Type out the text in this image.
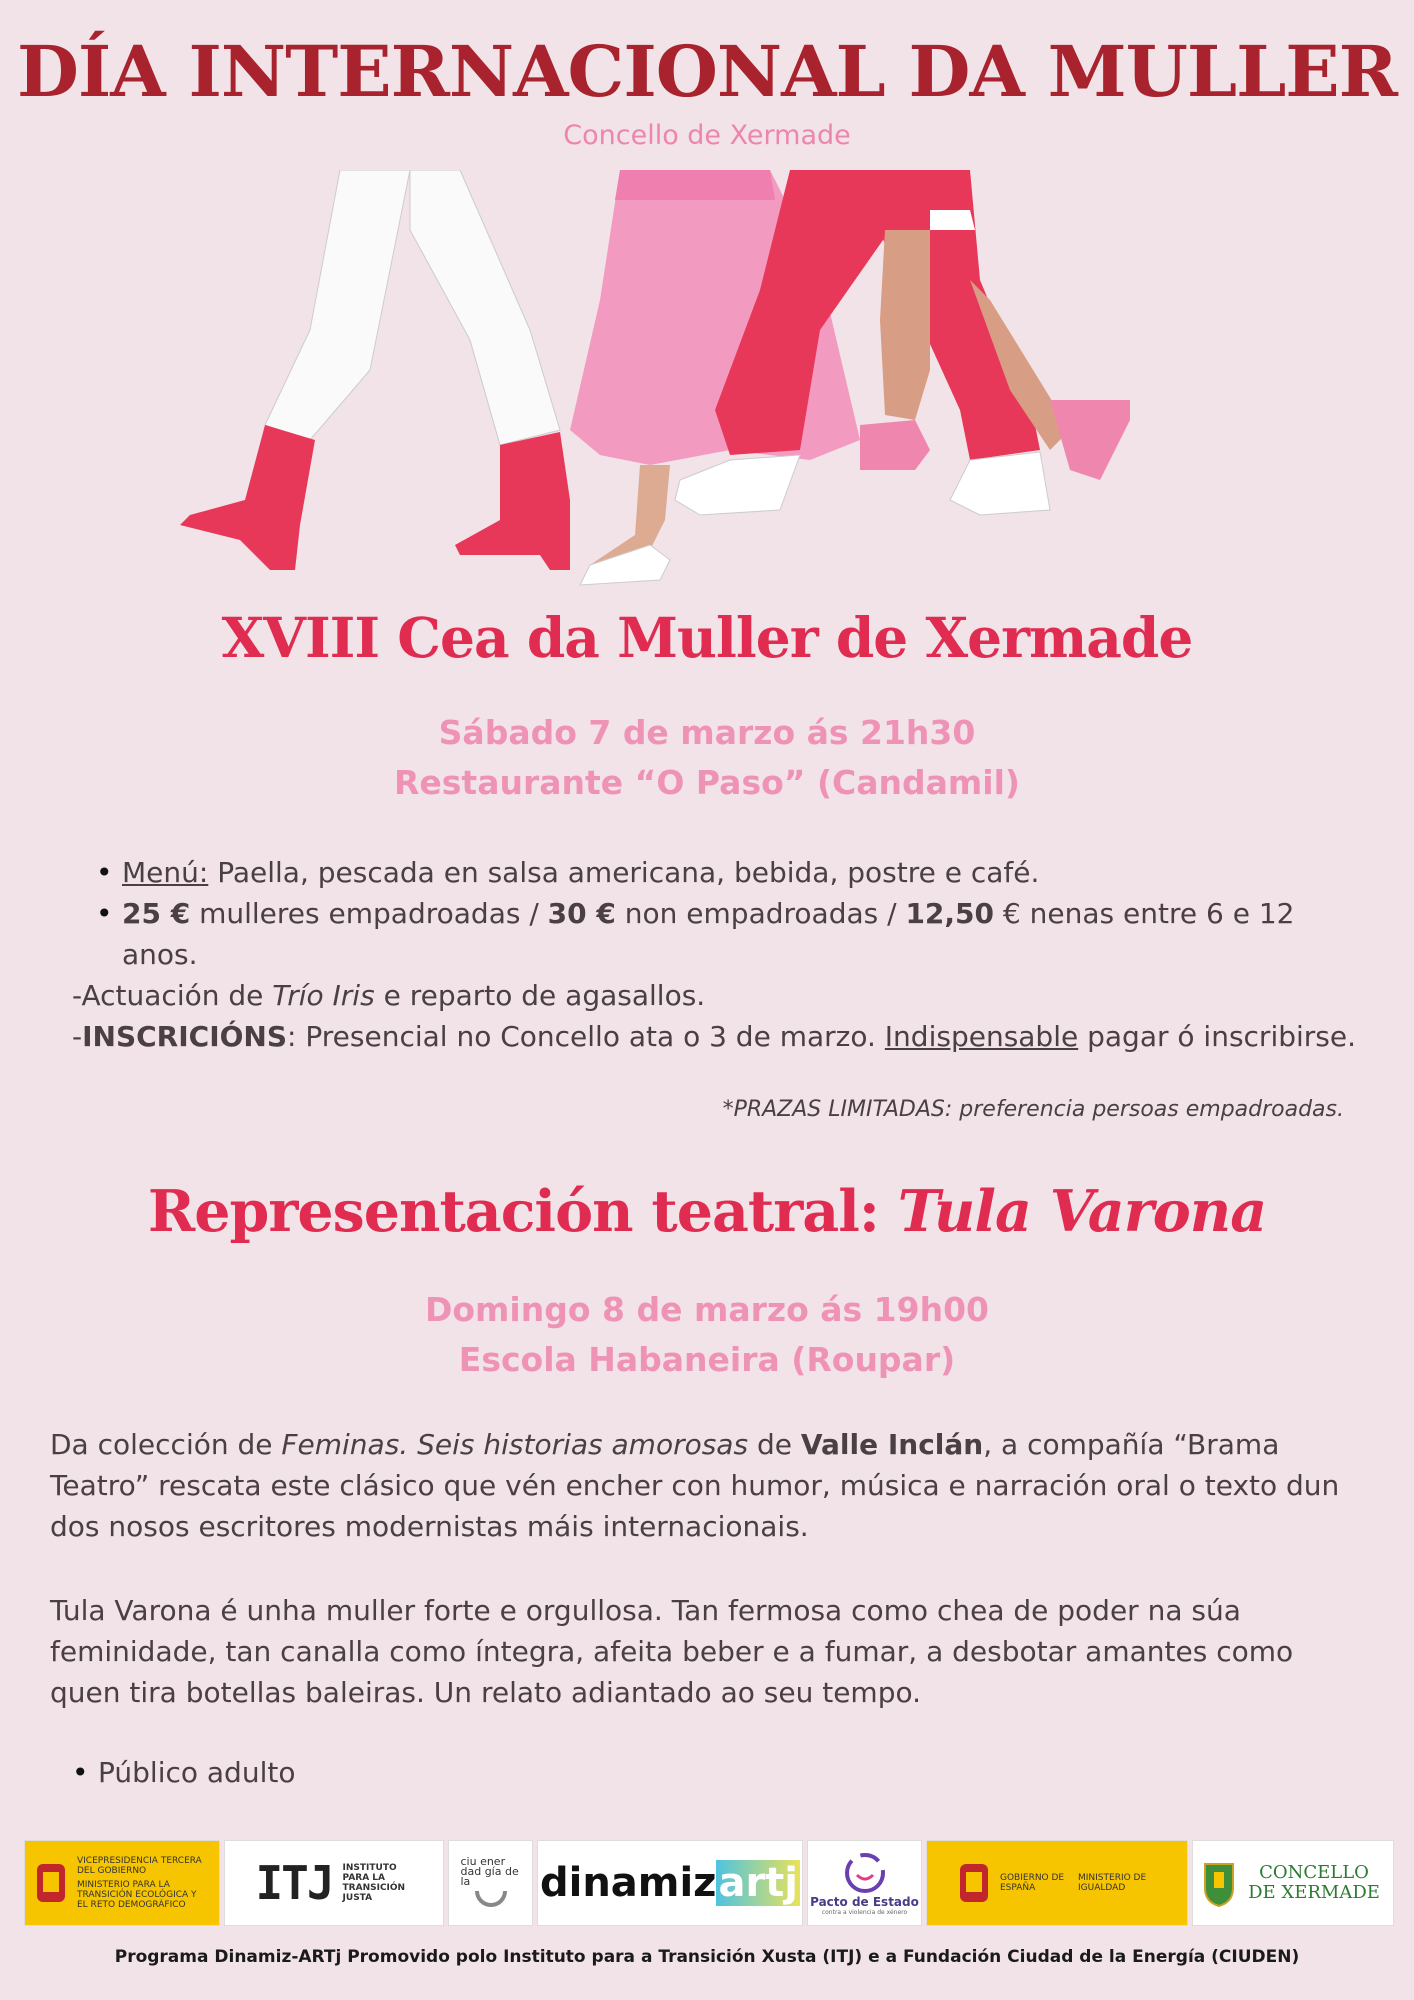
DÍA INTERNACIONAL DA MULLER
Concello de Xermade
XVIII Cea da Muller de Xermade
Sábado 7 de marzo ás 21h30
Restaurante “O Paso” (Candamil)
• Menú: Paella, pescada en salsa americana, bebida, postre e café.
• 25 € mulleres empadroadas / 30 € non empadroadas / 12,50 € nenas entre 6 e 12 anos.
-Actuación de Trío Iris e reparto de agasallos.
-INSCRICIÓNS: Presencial no Concello ata o 3 de marzo. Indispensable pagar ó inscribirse.
*PRAZAS LIMITADAS: preferencia persoas empadroadas.
Representación teatral: Tula Varona
Domingo 8 de marzo ás 19h00
Escola Habaneira (Roupar)

Da colección de Feminas. Seis historias amorosas de Valle Inclán, a compañía “Brama Teatro” rescata este clásico que vén encher con humor, música e narración oral o texto dun dos nosos escritores modernistas máis internacionais.

Tula Varona é unha muller forte e orgullosa. Tan fermosa como chea de poder na súa feminidade, tan canalla como íntegra, afeita beber e a fumar, a desbotar amantes como quen tira botellas baleiras. Un relato adiantado ao seu tempo.

• Público adulto
VICEPRESIDENCIA TERCERA DEL GOBIERNO
MINISTERIO PARA LA TRANSICIÓN ECOLÓGICA Y EL RETO DEMOGRÁFICO	ITJ INSTITUTO PARA LA TRANSICIÓN JUSTA
ciu ener dad gía de la	dinamiz artj Pacto de Estado
contra a violencia de xénero
GOBIERNO DE ESPAÑA
MINISTERIO DE IGUALDAD
CONCELLO DE XERMADE
Programa Dinamiz-ARTj Promovido polo Instituto para a Transición Xusta (ITJ) e a Fundación Ciudad de la Energía (CIUDEN)
